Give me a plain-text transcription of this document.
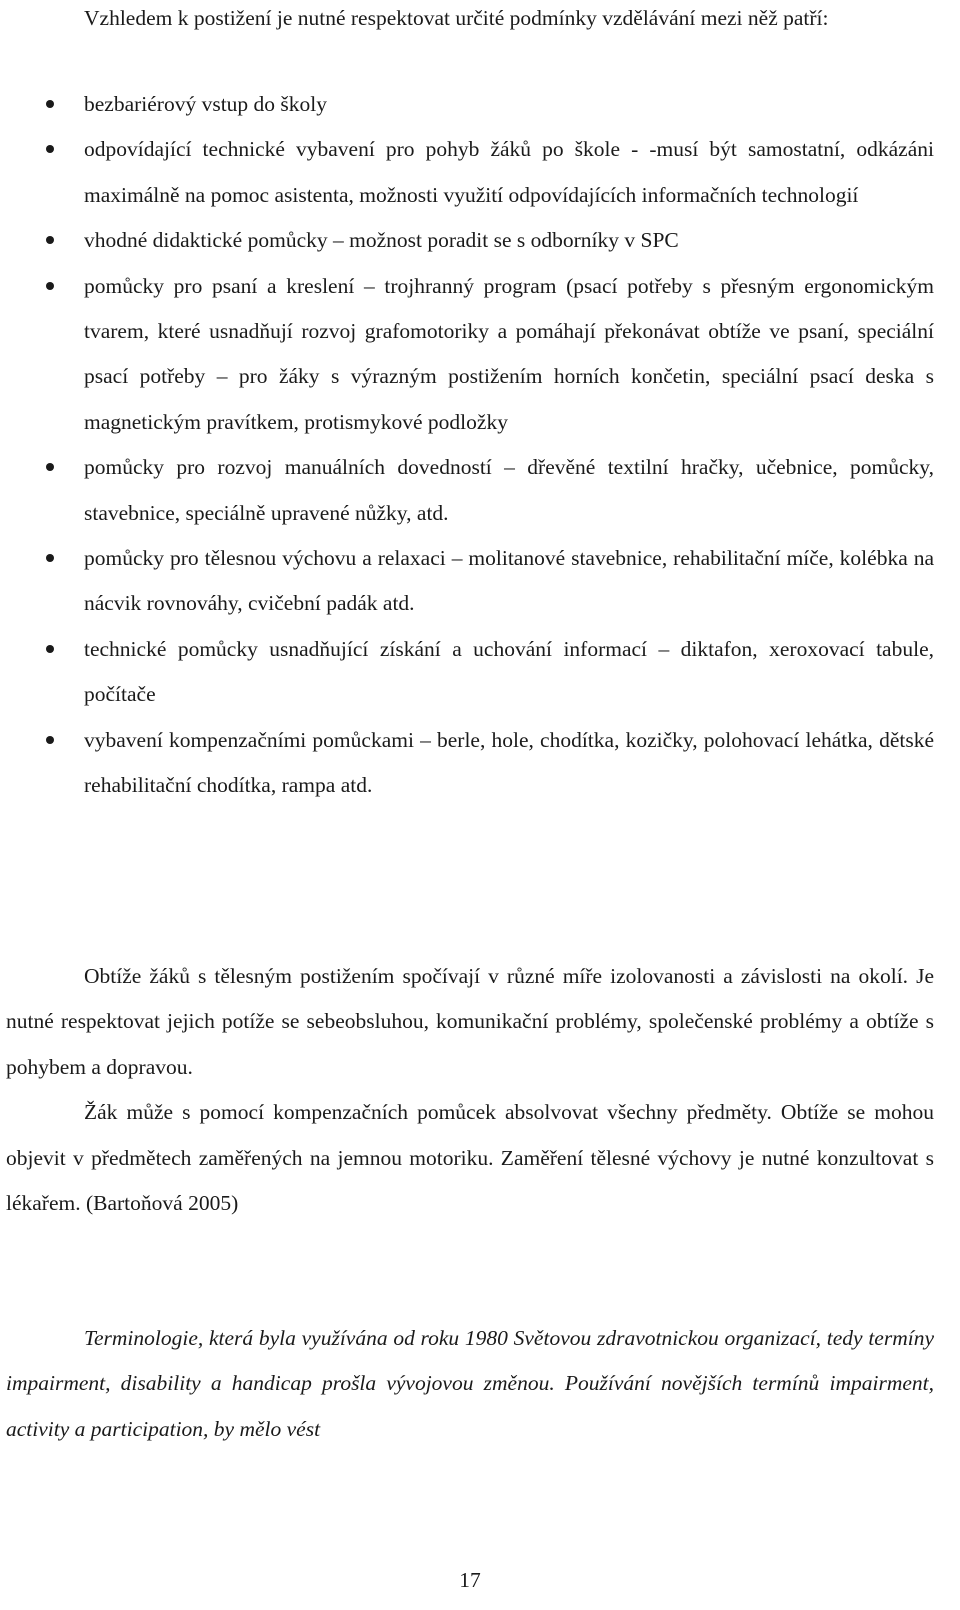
Vzhledem k postižení je nutné respektovat určité podmínky vzdělávání mezi něž patří:

bezbariérový vstup do školy
odpovídající technické vybavení pro pohyb žáků po škole - -musí být samostatní, odkázáni maximálně na pomoc asistenta, možnosti využití odpovídajících informačních technologií
vhodné didaktické pomůcky – možnost poradit se s odborníky v SPC
pomůcky pro psaní a kreslení – trojhranný program (psací potřeby s přesným ergonomickým tvarem, které usnadňují rozvoj grafomotoriky a pomáhají překonávat obtíže ve psaní, speciální psací potřeby – pro žáky s výrazným postižením horních končetin, speciální psací deska s magnetickým pravítkem, protismykové podložky
pomůcky pro rozvoj manuálních dovedností – dřevěné textilní hračky, učebnice, pomůcky, stavebnice, speciálně upravené nůžky, atd.
pomůcky pro tělesnou výchovu a relaxaci – molitanové stavebnice, rehabilitační míče, kolébka na nácvik rovnováhy, cvičební padák atd.
technické pomůcky usnadňující získání a uchování informací – diktafon, xeroxovací tabule, počítače
vybavení kompenzačními pomůckami – berle, hole, chodítka, kozičky, polohovací lehátka, dětské rehabilitační chodítka, rampa atd.

Obtíže žáků s tělesným postižením spočívají v různé míře izolovanosti a závislosti na okolí. Je nutné respektovat jejich potíže se sebeobsluhou, komunikační problémy, společenské problémy a obtíže s pohybem a dopravou.

Žák může s pomocí kompenzačních pomůcek absolvovat všechny předměty. Obtíže se mohou objevit v předmětech zaměřených na jemnou motoriku. Zaměření tělesné výchovy je nutné konzultovat s lékařem. (Bartoňová 2005)

Terminologie, která byla využívána od roku 1980 Světovou zdravotnickou organizací, tedy termíny impairment, disability a handicap prošla vývojovou změnou. Používání novějších termínů impairment, activity a participation, by mělo vést

17
